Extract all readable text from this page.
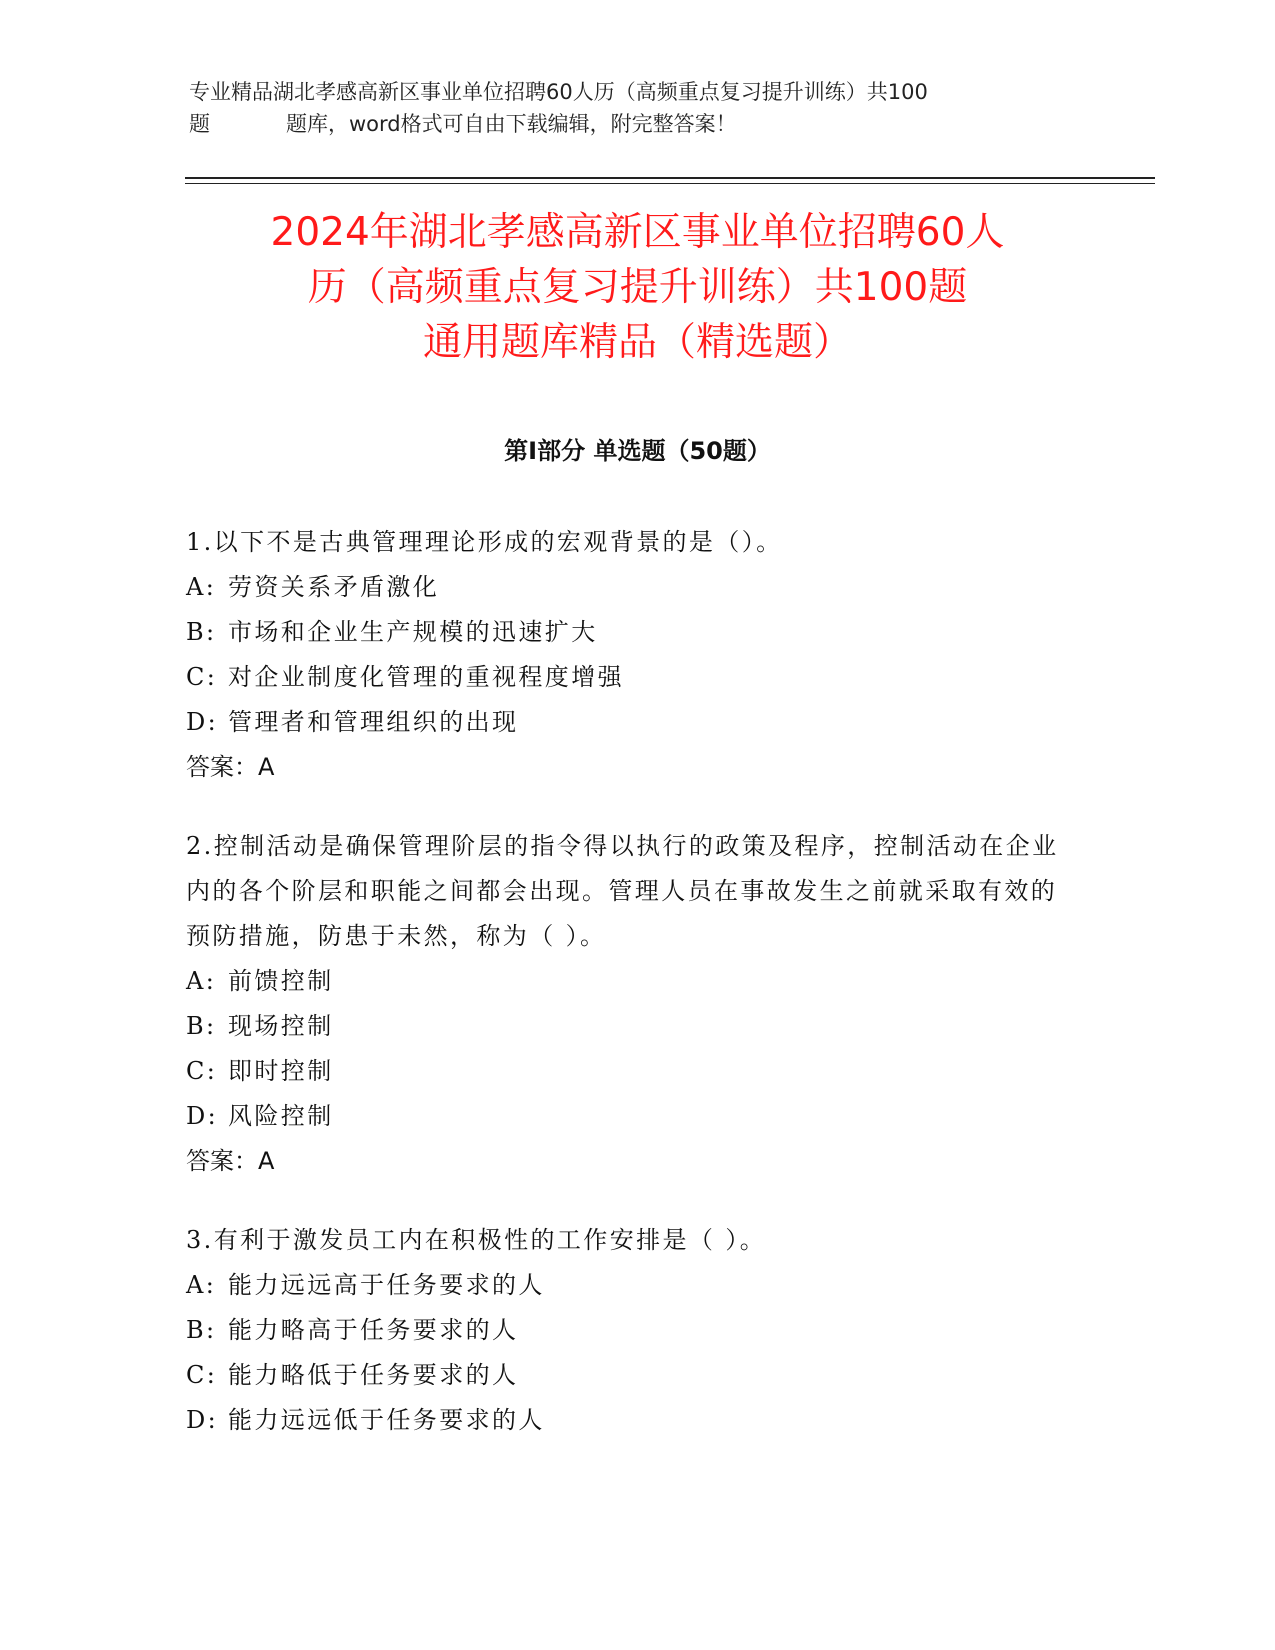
专业精品湖北孝感高新区事业单位招聘60人历（高频重点复习提升训练）共100
题	题库，word格式可自由下载编辑，附完整答案！
2024年湖北孝感高新区事业单位招聘60人
历（高频重点复习提升训练）共100题
通用题库精品（精选题）
第Ⅰ部分 单选题（50题）

1.以下不是古典管理理论形成的宏观背景的是（）。

A: 劳资关系矛盾激化
B: 市场和企业生产规模的迅速扩大
C: 对企业制度化管理的重视程度增强
D: 管理者和管理组织的出现
答案：A

2.控制活动是确保管理阶层的指令得以执行的政策及程序，控制活动在企业内的各个阶层和职能之间都会出现。管理人员在事故发生之前就采取有效的预防措施，防患于未然，称为（ ）。

A: 前馈控制
B: 现场控制
C: 即时控制
D: 风险控制
答案：A

3.有利于激发员工内在积极性的工作安排是（ ）。

A: 能力远远高于任务要求的人
B: 能力略高于任务要求的人
C: 能力略低于任务要求的人
D: 能力远远低于任务要求的人
